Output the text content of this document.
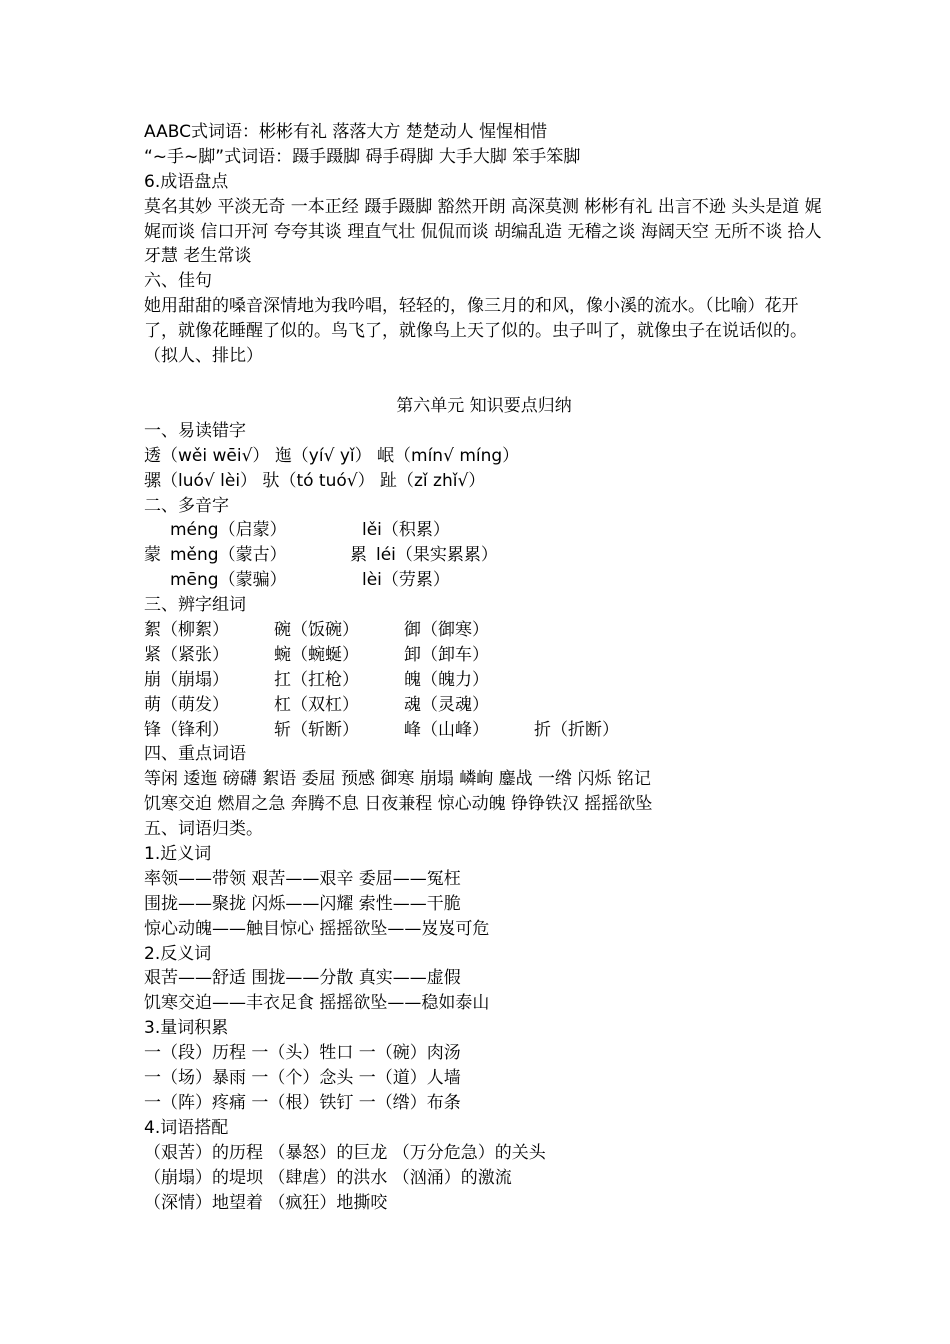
AABC式词语：彬彬有礼 落落大方 楚楚动人 惺惺相惜
“~手~脚”式词语：蹑手蹑脚 碍手碍脚 大手大脚 笨手笨脚
6.成语盘点
莫名其妙 平淡无奇 一本正经 蹑手蹑脚 豁然开朗 高深莫测 彬彬有礼 出言不逊 头头是道 娓娓而谈 信口开河 夸夸其谈 理直气壮 侃侃而谈 胡编乱造 无稽之谈 海阔天空 无所不谈 拾人牙慧 老生常谈
六、佳句
她用甜甜的嗓音深情地为我吟唱，轻轻的，像三月的和风，像小溪的流水。（比喻）花开了，就像花睡醒了似的。鸟飞了，就像鸟上天了似的。虫子叫了，就像虫子在说话似的。（拟人、排比）
第六单元 知识要点归纳
一、易读错字
透（wěi wēi√） 迤（yí√ yǐ） 岷（mín√ míng）
骡（luó√ lèi） 驮（tó tuó√） 趾（zǐ zhǐ√）
二、多音字
méng（启蒙）	lěi（积累）
蒙 měng（蒙古）	累 léi（果实累累）
mēng（蒙骗）	lèi（劳累）
三、辨字组词
絮（柳絮）	碗（饭碗）	御（御寒）
紧（紧张）	蜿（蜿蜒）	卸（卸车）
崩（崩塌）	扛（扛枪）	魄（魄力）
萌（萌发）	杠（双杠）	魂（灵魂）
锋（锋利）	斩（斩断）	峰（山峰）	折（折断）
四、重点词语
等闲 逶迤 磅礴 絮语 委屈 预感 御寒 崩塌 嶙峋 鏖战 一绺 闪烁 铭记
饥寒交迫 燃眉之急 奔腾不息 日夜兼程 惊心动魄 铮铮铁汉 摇摇欲坠
五、词语归类。
1.近义词
率领——带领 艰苦——艰辛 委屈——冤枉
围拢——聚拢 闪烁——闪耀 索性——干脆
惊心动魄——触目惊心 摇摇欲坠——岌岌可危
2.反义词
艰苦——舒适 围拢——分散 真实——虚假
饥寒交迫——丰衣足食 摇摇欲坠——稳如泰山
3.量词积累
一（段）历程 一（头）牲口 一（碗）肉汤
一（场）暴雨 一（个）念头 一（道）人墙
一（阵）疼痛 一（根）铁钉 一（绺）布条
4.词语搭配
（艰苦）的历程 （暴怒）的巨龙 （万分危急）的关头
（崩塌）的堤坝 （肆虐）的洪水 （汹涌）的激流
（深情）地望着 （疯狂）地撕咬
